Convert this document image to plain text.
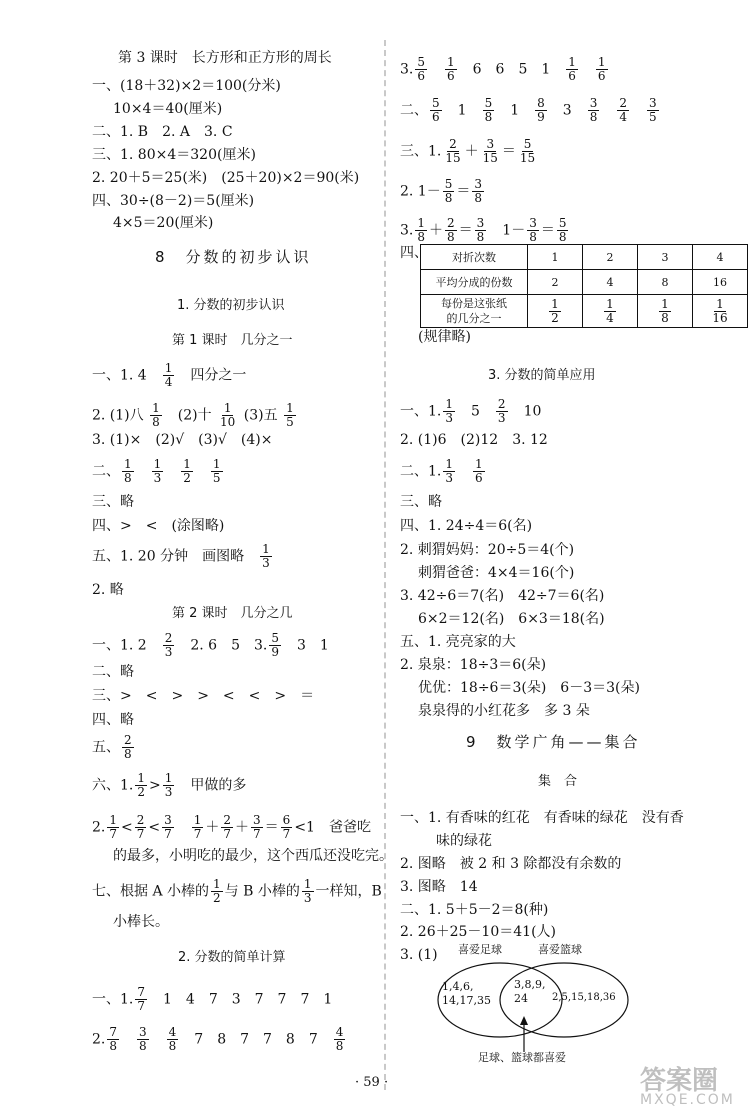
第 3 课时　长方形和正方形的周长
一、(18＋32)×2＝100(分米)
10×4＝40(厘米)
二、1. B　2. A　3. C
三、1. 80×4＝320(厘米)
2. 20＋5＝25(米)　(25＋20)×2＝90(米)
四、30÷(8－2)＝5(厘米)
4×5＝20(厘米)
8　分数的初步认识
1. 分数的初步认识
第 1 课时　几分之一
一、1. 4　 $\frac{1}{4}$
　 四分之一
2. (1)八 $\frac{1}{8}$
　 (2)十 $\frac{1}{10} (3)$五 $\frac{1}{5}$
3. (1)×　(2)√　(3)√　(4)×
二、 $\frac{1}{8}$
　 $\frac{1}{3}$
　 $\frac{1}{2}$
　 $\frac{1}{5}$
三、略
四、>　<　(涂图略)
五、1. 20 分钟　画图略　 $\frac{1}{3}$
2. 略
第 2 课时　几分之几
一、1. 2　 $\frac{2}{3}$
　 2. 6　5　 3. $\frac{5}{9}$
　 3　1
二、略
三、>　<　>　>　<　<　>　＝
四、略
五、 $\frac{2}{8}$
六、1. $\frac{1}{2} > \frac{1}{3}$
　 甲做的多
2. $\frac{1}{7} < \frac{2}{7} < \frac{3}{7}$
　 $\frac{1}{7} + \frac{2}{7} + \frac{3}{7} = \frac{6}{7} <1$　爸爸吃
的最多，小明吃的最少，这个西瓜还没吃完。
七、根据 A 小棒的 $\frac{1}{2}$ 与 B 小棒的 $\frac{1}{3}$ 一样知，B
小棒长。
2. 分数的简单计算
一、1. $\frac{7}{7}$
　 1　4　7　3　7　7　7　1
2. $\frac{7}{8}$
　 $\frac{3}{8}$
　 $\frac{4}{8}$
　 7　8　7　7　8　7　 $\frac{4}{8}$
3. $\frac{5}{6}$
　 $\frac{1}{6}$
　 6　6　5　1　 $\frac{1}{6}$
　 $\frac{1}{6}$
二、 $\frac{5}{6}$
　 1　 $\frac{5}{8}$
　 1　 $\frac{8}{9}$
　 3　 $\frac{3}{8}$
　 $\frac{2}{4}$
　 $\frac{3}{5}$
三、1. $\frac{2}{15} + \frac{3}{15} = \frac{5}{15}$
2. $1- \frac{5}{8} = \frac{3}{8}$
3. $\frac{1}{8} + \frac{2}{8} = \frac{3}{8}$
　 $1- \frac{3}{8} = \frac{5}{8}$
四、 对折次数	1	2	3	4
平均分成的份数	2	4	8	16
每份是这张纸
的几分之一	$\frac{1}{2}$	$\frac{1}{4}$	$\frac{1}{8}$	$\frac{1}{16}$
(规律略)
3. 分数的简单应用
一、1. $\frac{1}{3}$
　 5　 $\frac{2}{3}$
　 10
2. (1)6　(2)12　3. 12
二、1. $\frac{1}{3}$
　 $\frac{1}{6}$
三、略
四、1. 24÷4＝6(名)
2. 刺猬妈妈：20÷5＝4(个)
刺猬爸爸：4×4＝16(个)
3. 42÷6＝7(名)　42÷7＝6(名)
6×2＝12(名)　6×3＝18(名)
五、1. 亮亮家的大
2. 泉泉：18÷3＝6(朵)
优优：18÷6＝3(朵)　6－3＝3(朵)
泉泉得的小红花多　多 3 朵
9　数学广角——集合
集　合
一、1. 有香味的红花　有香味的绿花　没有香
味的绿花
2. 图略　被 2 和 3 除都没有余数的
3. 图略　14
二、1. 5＋5－2＝8(种)
2. 26＋25－10＝41(人)
3. (1) 喜爱足球	喜爱篮球
1,4,6,
14,17,35
3,8,9,
24	2,5,15,18,36
足球、篮球都喜爱
· 59 ·	答案圈
MXQE.COM
